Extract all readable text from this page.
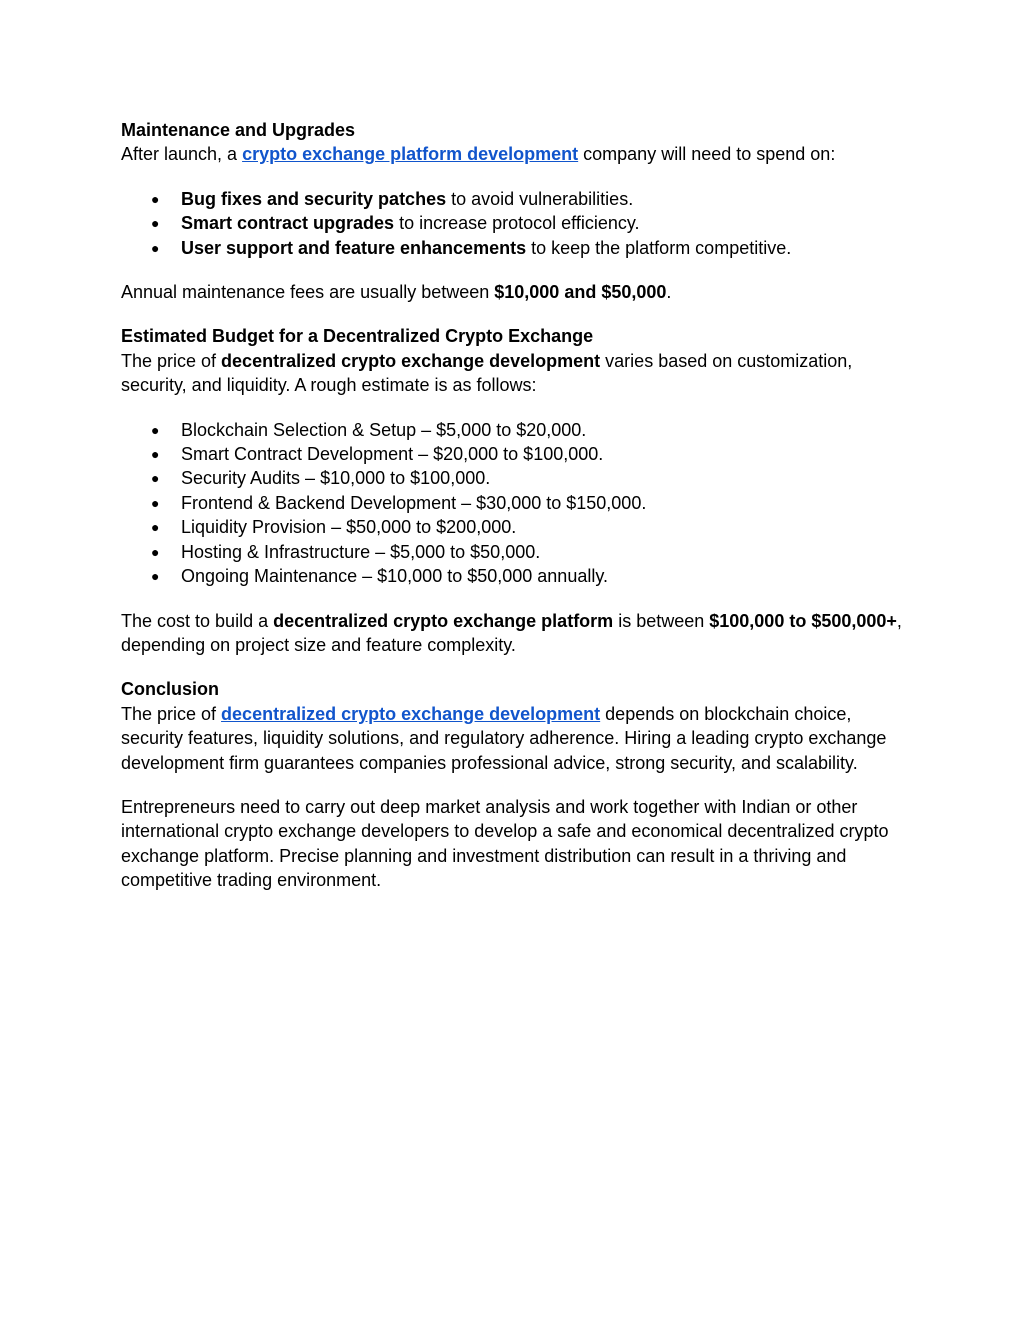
Maintenance and Upgrades

After launch, a crypto exchange platform development company will need to spend on:

● Bug fixes and security patches to avoid vulnerabilities.
● Smart contract upgrades to increase protocol efficiency.
● User support and feature enhancements to keep the platform competitive.

Annual maintenance fees are usually between $10,000 and $50,000.

Estimated Budget for a Decentralized Crypto Exchange

The price of decentralized crypto exchange development varies based on customization, security, and liquidity. A rough estimate is as follows:

● Blockchain Selection & Setup – $5,000 to $20,000.
● Smart Contract Development – $20,000 to $100,000.
● Security Audits – $10,000 to $100,000.
● Frontend & Backend Development – $30,000 to $150,000.
● Liquidity Provision – $50,000 to $200,000.
● Hosting & Infrastructure – $5,000 to $50,000.
● Ongoing Maintenance – $10,000 to $50,000 annually.

The cost to build a decentralized crypto exchange platform is between $100,000 to $500,000+, depending on project size and feature complexity.

Conclusion

The price of decentralized crypto exchange development depends on blockchain choice, security features, liquidity solutions, and regulatory adherence. Hiring a leading crypto exchange development firm guarantees companies professional advice, strong security, and scalability.

Entrepreneurs need to carry out deep market analysis and work together with Indian or other international crypto exchange developers to develop a safe and economical decentralized crypto exchange platform. Precise planning and investment distribution can result in a thriving and competitive trading environment.
